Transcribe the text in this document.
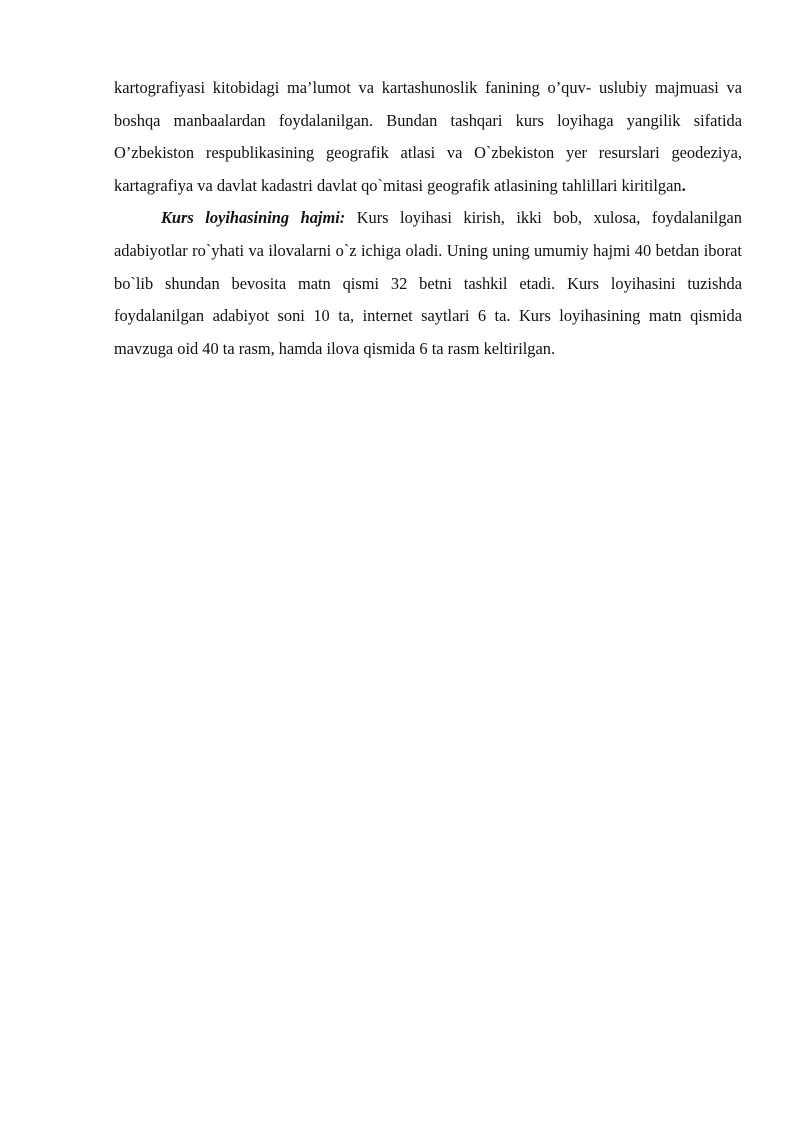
kartografiyasi kitobidagi ma’lumot va kartashunoslik fanining o’quv- uslubiy majmuasi va boshqa manbaalardan foydalanilgan. Bundan tashqari kurs loyihaga yangilik sifatida O’zbekiston respublikasining geografik atlasi va O`zbekiston yer resurslari geodeziya, kartagrafiya va davlat kadastri davlat qo`mitasi geografik atlasining tahlillari kiritilgan.

Kurs loyihasining hajmi: Kurs loyihasi kirish, ikki bob, xulosa, foydalanilgan adabiyotlar ro`yhati va ilovalarni o`z ichiga oladi. Uning uning umumiy hajmi 40 betdan iborat bo`lib shundan bevosita matn qismi 32 betni tashkil etadi. Kurs loyihasini tuzishda foydalanilgan adabiyot soni 10 ta, internet saytlari 6 ta. Kurs loyihasining matn qismida mavzuga oid 40 ta rasm, hamda ilova qismida 6 ta rasm keltirilgan.
